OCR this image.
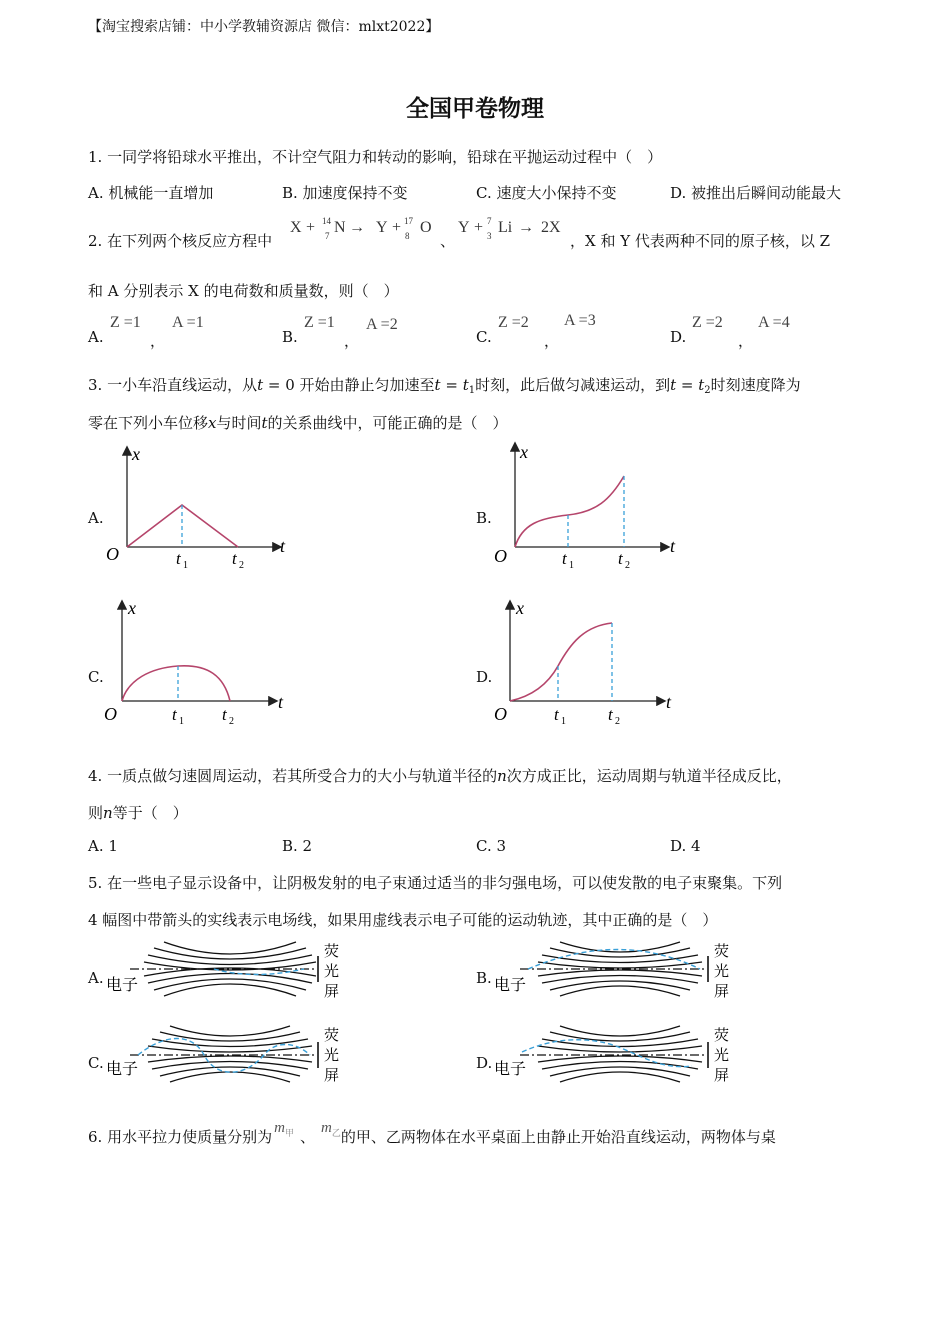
【淘宝搜索店铺：中小学教辅资源店 微信：mlxt2022】
全国甲卷物理
1. 一同学将铅球水平推出，不计空气阻力和转动的影响，铅球在平抛运动过程中（　）
A. 机械能一直增加	B. 加速度保持不变	C. 速度大小保持不变	D. 被推出后瞬间动能最大
2. 在下列两个核反应方程中
X + 14
7 N → Y + 17
8 O
、
Y + 7
3 Li → 2X
，X 和 Y 代表两种不同的原子核，以 Z
和 A 分别表示 X 的电荷数和质量数，则（　）
A.
Z =1
，
A =1
B.
Z =1
，
A =2
C.
Z =2
，
A =3
D.
Z =2
，
A =4
3. 一小车沿直线运动，从t = 0 开始由静止匀加速至$t = t_1$时刻，此后做匀减速运动，到$t = t_2$时刻速度降为
零在下列小车位移x与时间t的关系曲线中，可能正确的是（　）
A.	B.
C.	D.
x
t
O	t 1	t 2
x
t
O	t 1	t 2
x
t
O	t 1 t 2
x
t
O	t 1 t 2
4. 一质点做匀速圆周运动，若其所受合力的大小与轨道半径的n次方成正比，运动周期与轨道半径成反比，
则n等于（　）
A. 1	B. 2	C. 3	D. 4
5. 在一些电子显示设备中，让阴极发射的电子束通过适当的非匀强电场，可以使发散的电子束聚集。下列
4 幅图中带箭头的实线表示电场线，如果用虚线表示电子可能的运动轨迹，其中正确的是（　）
A.	B.
C.	D.
电子
荧
光
屏	电子
荧
光
屏
电子
荧
光
屏	电子
荧
光
屏
6. 用水平拉力使质量分别为 $m^甲$ 、 $m^乙$的甲、乙两物体在水平桌面上由静止开始沿直线运动，两物体与桌
